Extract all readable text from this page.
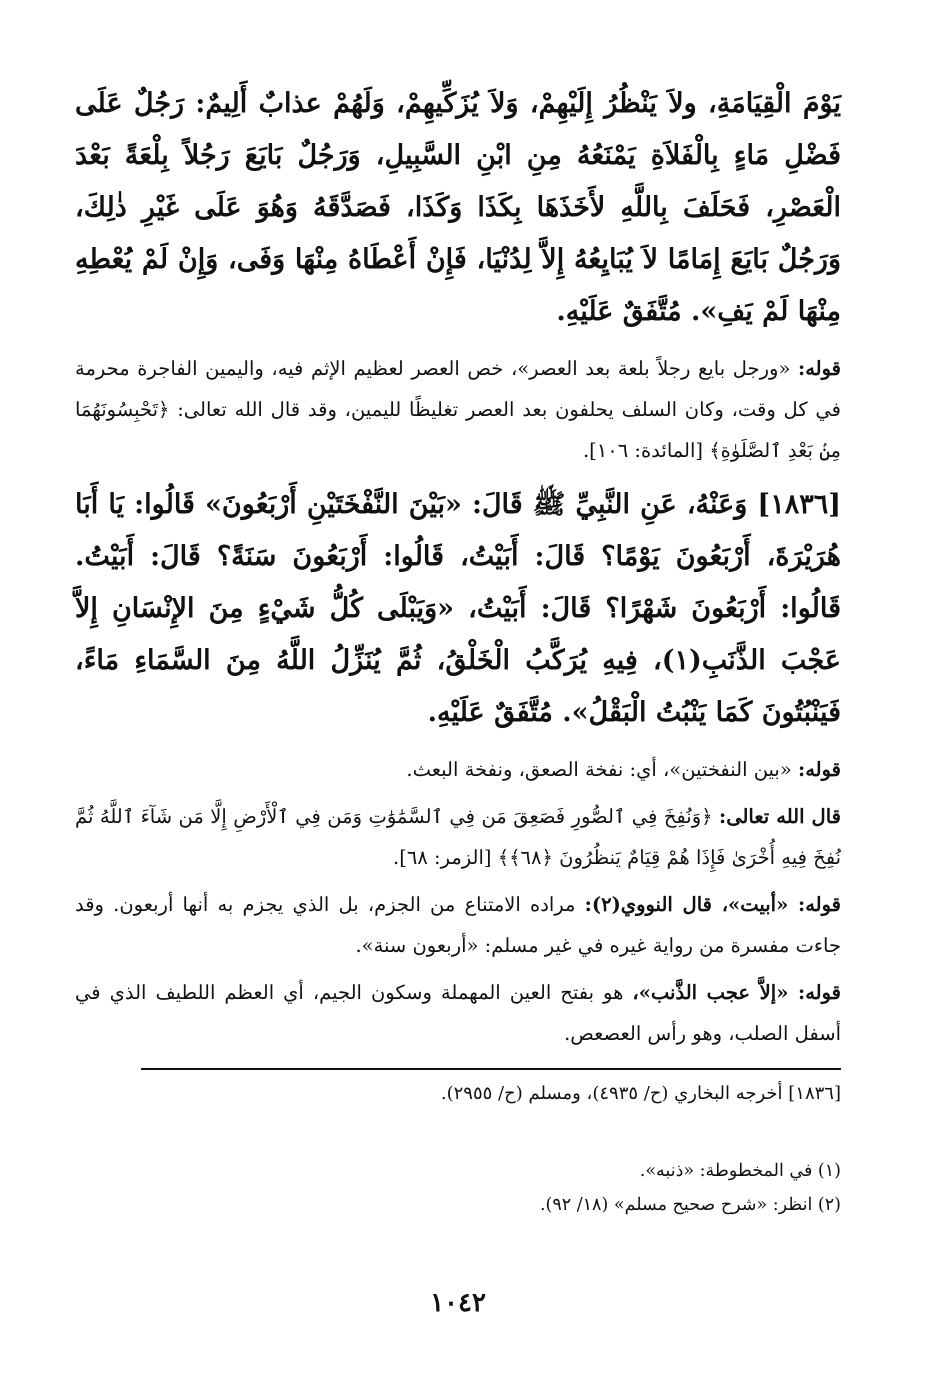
يَوْمَ الْقِيَامَةِ، ولاَ يَنْظُرُ إِلَيْهِمْ، وَلاَ يُزَكِّيهِمْ، وَلَهُمْ عذابٌ أَلِيمٌ: رَجُلٌ عَلَى فَضْلِ مَاءٍ بِالْفَلاَةِ يَمْنَعُهُ مِنِ ابْنِ السَّبِيلِ، وَرَجُلٌ بَايَعَ رَجُلاً بِلْعَةً بَعْدَ الْعَصْرِ، فَحَلَفَ بِاللَّهِ لأَخَذَهَا بِكَذَا وَكَذَا، فَصَدَّقَهُ وَهُوَ عَلَى غَيْرِ ذٰلِكَ، وَرَجُلٌ بَايَعَ إِمَامًا لاَ يُبَايِعُهُ إِلاَّ لِدُنْيَا، فَإِنْ أَعْطَاهُ مِنْهَا وَفَى، وَإِنْ لَمْ يُعْطِهِ مِنْهَا لَمْ يَفِ». مُتَّفَقٌ عَلَيْهِ.

قوله: «ورجل بايع رجلاً بلعة بعد العصر»، خص العصر لعظيم الإثم فيه، واليمين الفاجرة محرمة في كل وقت، وكان السلف يحلفون بعد العصر تغليظًا لليمين، وقد قال الله تعالى: ﴿تَحْبِسُونَهُمَا مِنۢ بَعْدِ ٱلصَّلَوٰةِ﴾ [المائدة: ١٠٦].

[١٨٣٦] وَعَنْهُ، عَنِ النَّبِيِّ ﷺ قَالَ: «بَيْنَ النَّفْخَتَيْنِ أَرْبَعُونَ» قَالُوا: يَا أَبَا هُرَيْرَةَ، أَرْبَعُونَ يَوْمًا؟ قَالَ: أَبَيْتُ، قَالُوا: أَرْبَعُونَ سَنَةً؟ قَالَ: أَبَيْتُ. قَالُوا: أَرْبَعُونَ شَهْرًا؟ قَالَ: أَبَيْتُ، «وَيَبْلَى كُلُّ شَيْءٍ مِنَ الإِنْسَانِ إِلاَّ عَجْبَ الذَّنَبِ(١)، فِيهِ يُرَكَّبُ الْخَلْقُ، ثُمَّ يُنَزِّلُ اللَّهُ مِنَ السَّمَاءِ مَاءً، فَيَنْبُتُونَ كَمَا يَنْبُتُ الْبَقْلُ». مُتَّفَقٌ عَلَيْهِ.

قوله: «بين النفختين»، أي: نفخة الصعق، ونفخة البعث.

قال الله تعالى: ﴿وَنُفِخَ فِي ٱلصُّورِ فَصَعِقَ مَن فِي ٱلسَّمَٰوَٰتِ وَمَن فِي ٱلْأَرْضِ إِلَّا مَن شَآءَ ٱللَّهُ ثُمَّ نُفِخَ فِيهِ أُخْرَىٰ فَإِذَا هُمْ قِيَامٌ يَنظُرُونَ ﴿٦٨﴾﴾ [الزمر: ٦٨].

قوله: «أبيت»، قال النووي(٢): مراده الامتناع من الجزم، بل الذي يجزم به أنها أربعون. وقد جاءت مفسرة من رواية غيره في غير مسلم: «أربعون سنة».

قوله: «إلاَّ عجب الذَّنب»، هو بفتح العين المهملة وسكون الجيم، أي العظم اللطيف الذي في أسفل الصلب، وهو رأس العصعص.

[١٨٣٦] أخرجه البخاري (ح/ ٤٩٣٥)، ومسلم (ح/ ٢٩٥٥).
(١) في المخطوطة: «ذنبه».
(٢) انظر: «شرح صحيح مسلم» (١٨/ ٩٢).
١٠٤٢
